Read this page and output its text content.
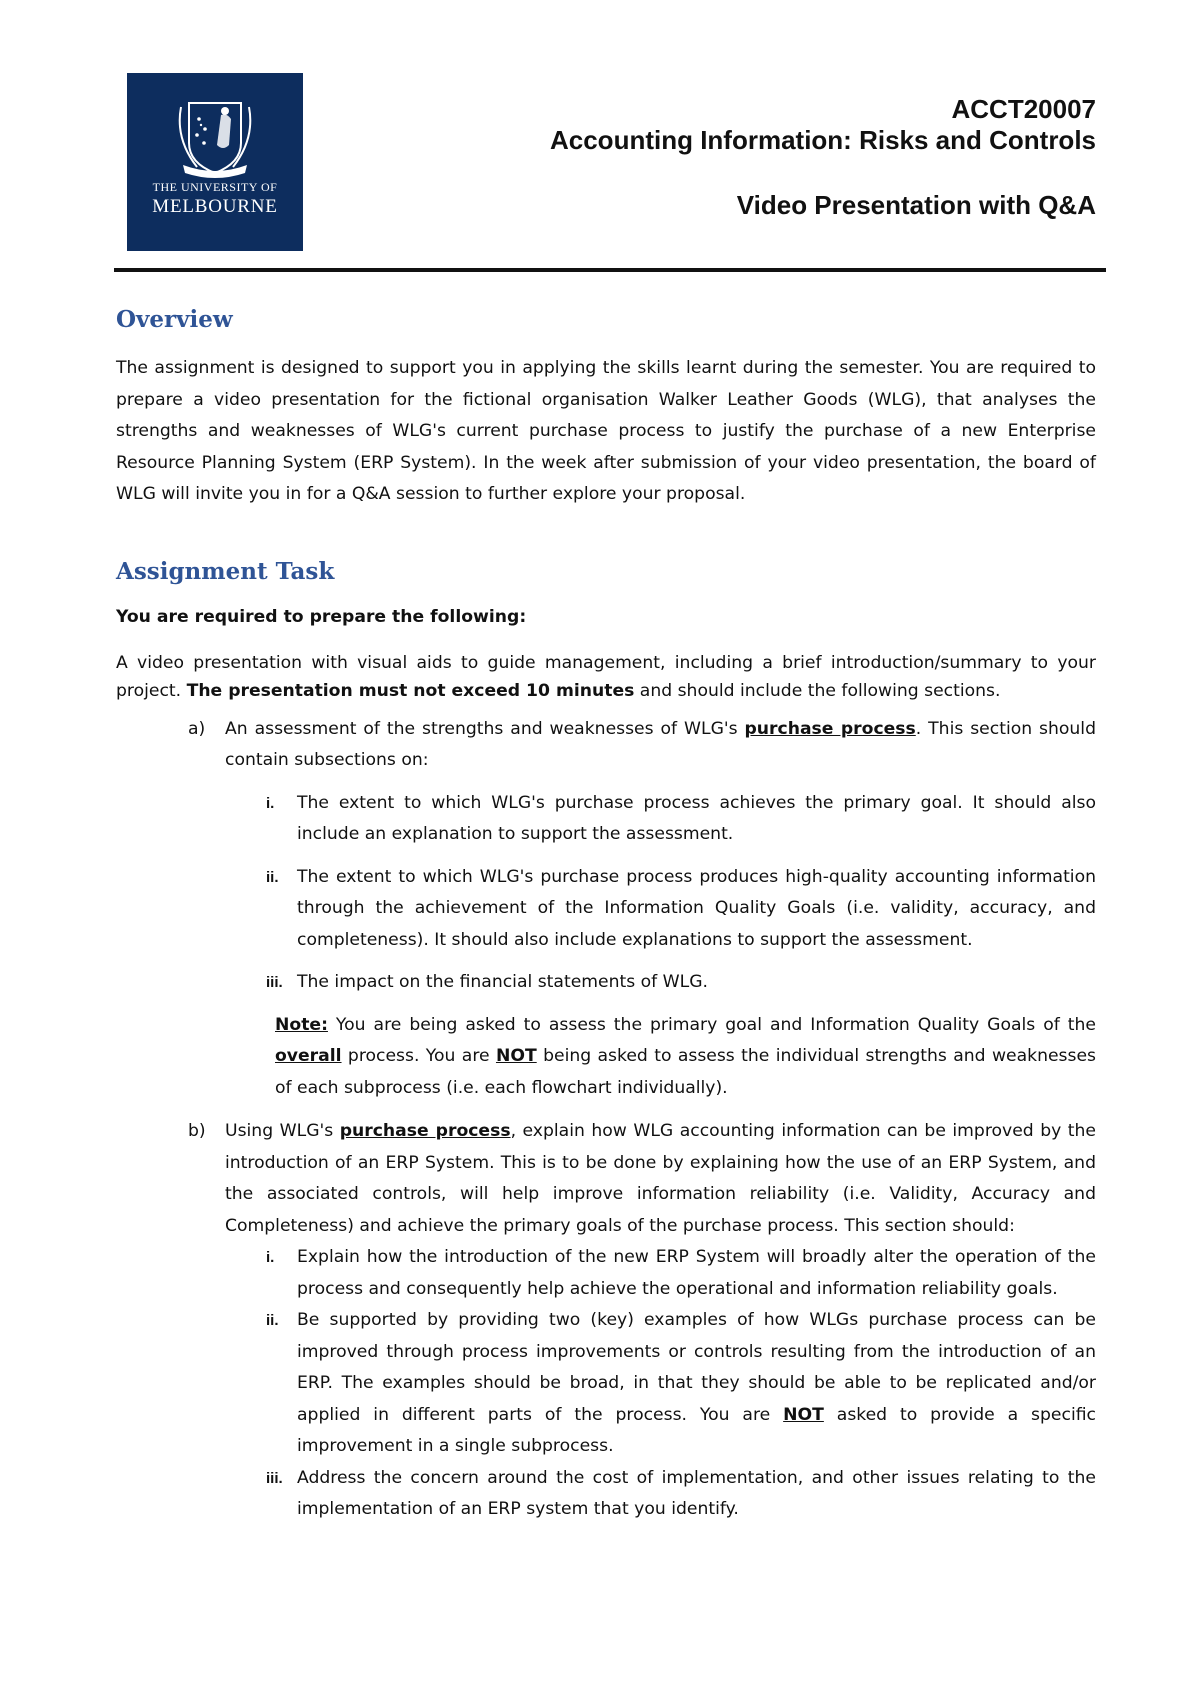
THE UNIVERSITY OF
MELBOURNE
ACCT20007
Accounting Information: Risks and Controls
Video Presentation with Q&A
Overview

The assignment is designed to support you in applying the skills learnt during the semester. You are required to prepare a video presentation for the fictional organisation Walker Leather Goods (WLG), that analyses the strengths and weaknesses of WLG's current purchase process to justify the purchase of a new Enterprise Resource Planning System (ERP System). In the week after submission of your video presentation, the board of WLG will invite you in for a Q&A session to further explore your proposal.

Assignment Task
You are required to prepare the following:

A video presentation with visual aids to guide management, including a brief introduction/summary to your project. The presentation must not exceed 10 minutes and should include the following sections.

a) An assessment of the strengths and weaknesses of WLG's purchase process. This section should contain subsections on:
i. The extent to which WLG's purchase process achieves the primary goal. It should also include an explanation to support the assessment.
ii. The extent to which WLG's purchase process produces high-quality accounting information through the achievement of the Information Quality Goals (i.e. validity, accuracy, and completeness). It should also include explanations to support the assessment.
iii. The impact on the financial statements of WLG.
Note: You are being asked to assess the primary goal and Information Quality Goals of the overall process. You are NOT being asked to assess the individual strengths and weaknesses of each subprocess (i.e. each flowchart individually).
b) Using WLG's purchase process, explain how WLG accounting information can be improved by the introduction of an ERP System. This is to be done by explaining how the use of an ERP System, and the associated controls, will help improve information reliability (i.e. Validity, Accuracy and Completeness) and achieve the primary goals of the purchase process. This section should:
i. Explain how the introduction of the new ERP System will broadly alter the operation of the process and consequently help achieve the operational and information reliability goals.
ii. Be supported by providing two (key) examples of how WLGs purchase process can be improved through process improvements or controls resulting from the introduction of an ERP. The examples should be broad, in that they should be able to be replicated and/or applied in different parts of the process. You are NOT asked to provide a specific improvement in a single subprocess.
iii. Address the concern around the cost of implementation, and other issues relating to the implementation of an ERP system that you identify.
